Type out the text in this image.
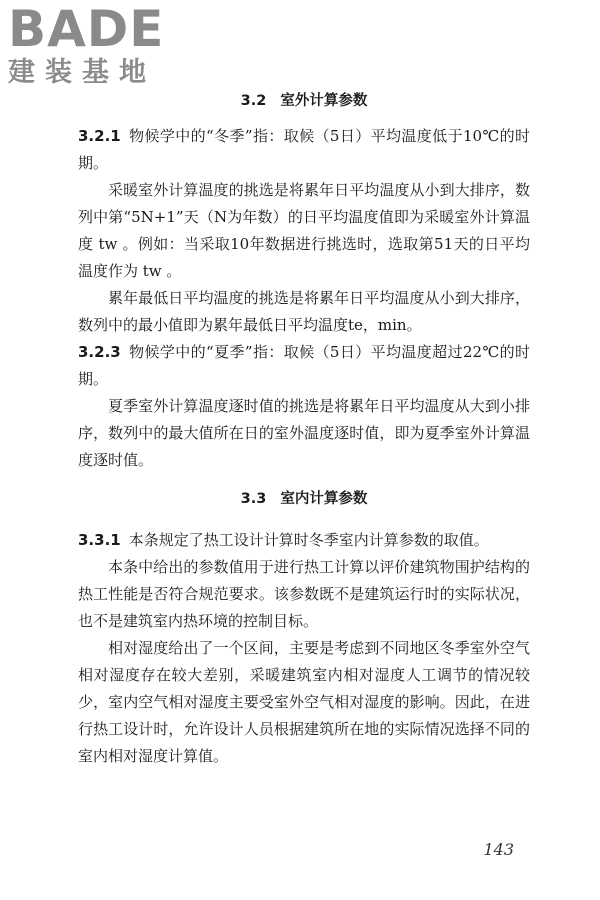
BADE
建装基地
3.2 室外计算参数

3.2.1 物候学中的“冬季”指：取候（5日）平均温度低于10℃的时期。

采暖室外计算温度的挑选是将累年日平均温度从小到大排序，数列中第“5N+1”天（N为年数）的日平均温度值即为采暖室外计算温度 tw 。例如：当采取10年数据进行挑选时，选取第51天的日平均温度作为 tw 。

累年最低日平均温度的挑选是将累年日平均温度从小到大排序，数列中的最小值即为累年最低日平均温度te，min。

3.2.3 物候学中的“夏季”指：取候（5日）平均温度超过22℃的时期。

夏季室外计算温度逐时值的挑选是将累年日平均温度从大到小排序，数列中的最大值所在日的室外温度逐时值，即为夏季室外计算温度逐时值。

3.3 室内计算参数

3.3.1 本条规定了热工设计计算时冬季室内计算参数的取值。

本条中给出的参数值用于进行热工计算以评价建筑物围护结构的热工性能是否符合规范要求。该参数既不是建筑运行时的实际状况，也不是建筑室内热环境的控制目标。

相对湿度给出了一个区间，主要是考虑到不同地区冬季室外空气相对湿度存在较大差别，采暖建筑室内相对湿度人工调节的情况较少，室内空气相对湿度主要受室外空气相对湿度的影响。因此，在进行热工设计时，允许设计人员根据建筑所在地的实际情况选择不同的室内相对湿度计算值。

143
